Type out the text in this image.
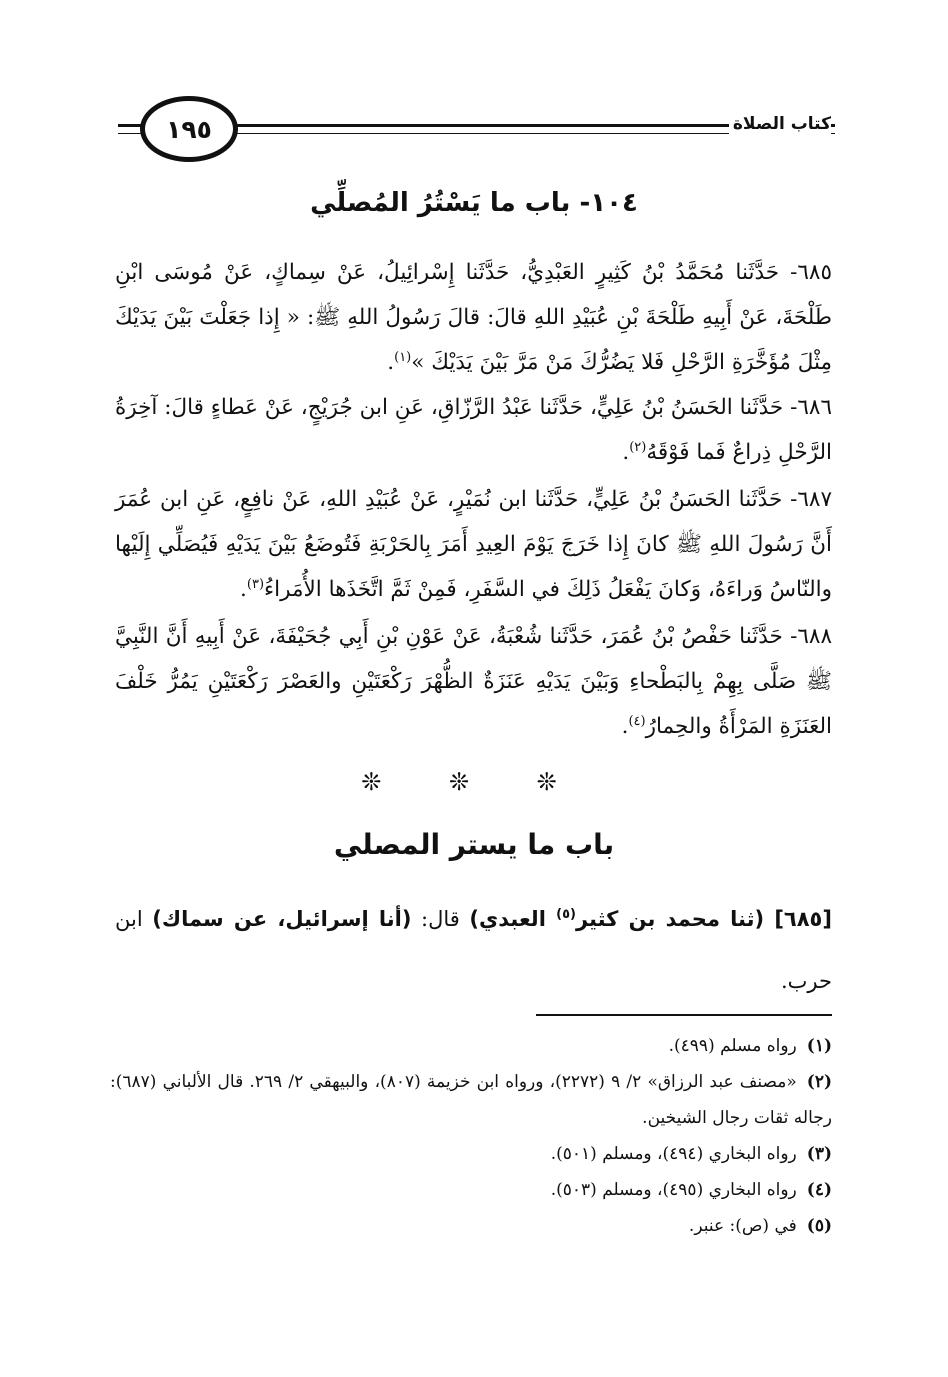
كتاب الصلاة
١٩٥
١٠٤- باب ما يَسْتُرُ المُصلِّي
٦٨٥- حَدَّثَنا مُحَمَّدُ بْنُ كَثِيرٍ العَبْدِيُّ، حَدَّثَنا إِسْرائِيلُ، عَنْ سِماكٍ، عَنْ مُوسَى ابْنِ طَلْحَةَ، عَنْ أَبِيهِ طَلْحَةَ بْنِ عُبَيْدِ اللهِ قالَ: قالَ رَسُولُ اللهِ ﷺ: « إِذا جَعَلْتَ بَيْنَ يَدَيْكَ مِثْلَ مُؤَخَّرَةِ الرَّحْلِ فَلا يَضُرُّكَ مَنْ مَرَّ بَيْنَ يَدَيْكَ »$^{(١)}$.
٦٨٦- حَدَّثَنا الحَسَنُ بْنُ عَلِيٍّ، حَدَّثَنا عَبْدُ الرَّزّاقِ، عَنِ ابن جُرَيْجٍ، عَنْ عَطاءٍ قالَ: آخِرَةُ الرَّحْلِ ذِراعٌ فَما فَوْقَهُ$^{(٢)}$.
٦٨٧- حَدَّثَنا الحَسَنُ بْنُ عَلِيٍّ، حَدَّثَنا ابن نُمَيْرٍ، عَنْ عُبَيْدِ اللهِ، عَنْ نافِعٍ، عَنِ ابن عُمَرَ أَنَّ رَسُولَ اللهِ ﷺ كانَ إِذا خَرَجَ يَوْمَ العِيدِ أَمَرَ بِالحَرْبَةِ فَتُوضَعُ بَيْنَ يَدَيْهِ فَيُصَلِّي إِلَيْها والنّاسُ وَراءَهُ، وَكانَ يَفْعَلُ ذَلِكَ في السَّفَرِ، فَمِنْ ثَمَّ اتَّخَذَها الأُمَراءُ$^{(٣)}$.
٦٨٨- حَدَّثَنا حَفْصُ بْنُ عُمَرَ، حَدَّثَنا شُعْبَةُ، عَنْ عَوْنِ بْنِ أَبِي جُحَيْفَةَ، عَنْ أَبِيهِ أَنَّ النَّبِيَّ ﷺ صَلَّى بِهِمْ بِالبَطْحاءِ وَبَيْنَ يَدَيْهِ عَنَزَةٌ الظُّهْرَ رَكْعَتَيْنِ والعَصْرَ رَكْعَتَيْنِ يَمُرُّ خَلْفَ العَنَزَةِ المَرْأَةُ والحِمارُ$^{(٤)}$.
❊ ❊ ❊
باب ما يستر المصلي
[٦٨٥] (ثنا محمد بن كثير$^{(٥)}$ العبدي) قال: (أنا إسرائيل، عن سماك) ابن حرب.
(١)رواه مسلم (٤٩٩).
(٢)«مصنف عبد الرزاق» ٢/ ٩ (٢٢٧٢)، ورواه ابن خزيمة (٨٠٧)، والبيهقي ٢/ ٢٦٩. قال الألباني (٦٨٧): رجاله ثقات رجال الشيخين.
(٣)رواه البخاري (٤٩٤)، ومسلم (٥٠١).
(٤)رواه البخاري (٤٩٥)، ومسلم (٥٠٣).
(٥)في (ص): عنبر.
